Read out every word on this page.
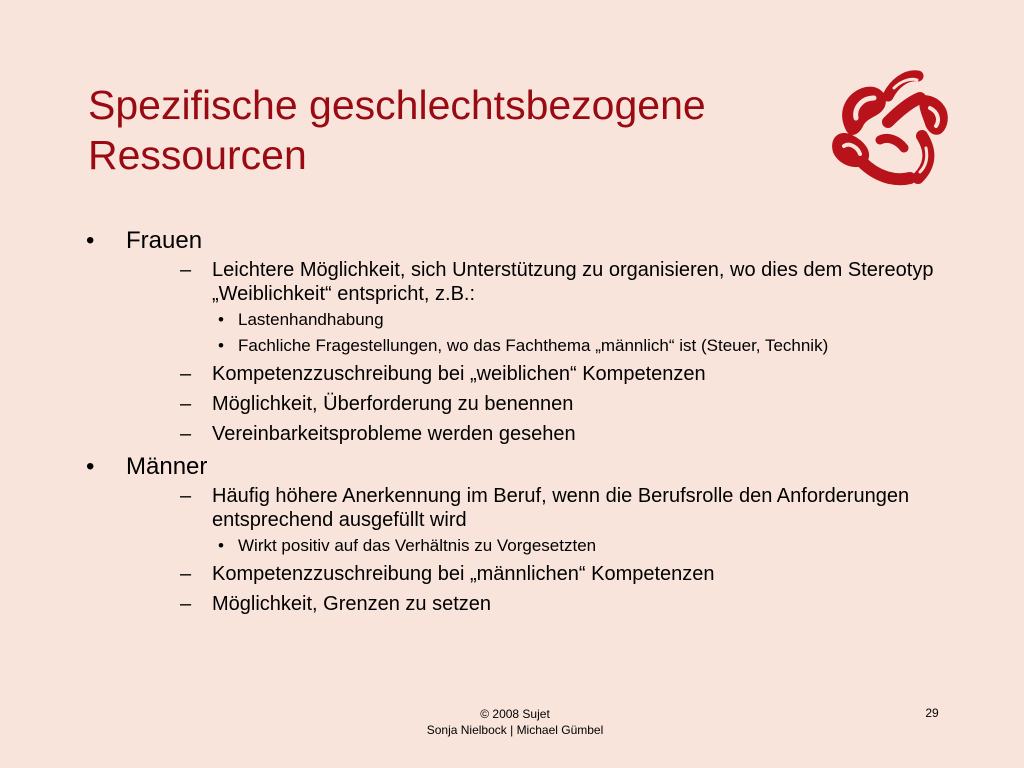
Spezifische geschlechtsbezogene
Ressourcen
•	Frauen
– Leichtere Möglichkeit, sich Unterstützung zu organisieren, wo dies dem Stereotyp „Weiblichkeit“ entspricht, z.B.:
• Lastenhandhabung
• Fachliche Fragestellungen, wo das Fachthema „männlich“ ist (Steuer, Technik)
– Kompetenzzuschreibung bei „weiblichen“ Kompetenzen
– Möglichkeit, Überforderung zu benennen
– Vereinbarkeitsprobleme werden gesehen
•	Männer
– Häufig höhere Anerkennung im Beruf, wenn die Berufsrolle den Anforderungen entsprechend ausgefüllt wird
• Wirkt positiv auf das Verhältnis zu Vorgesetzten
– Kompetenzzuschreibung bei „männlichen“ Kompetenzen
– Möglichkeit, Grenzen zu setzen
© 2008 Sujet
Sonja Nielbock | Michael Gümbel
29
